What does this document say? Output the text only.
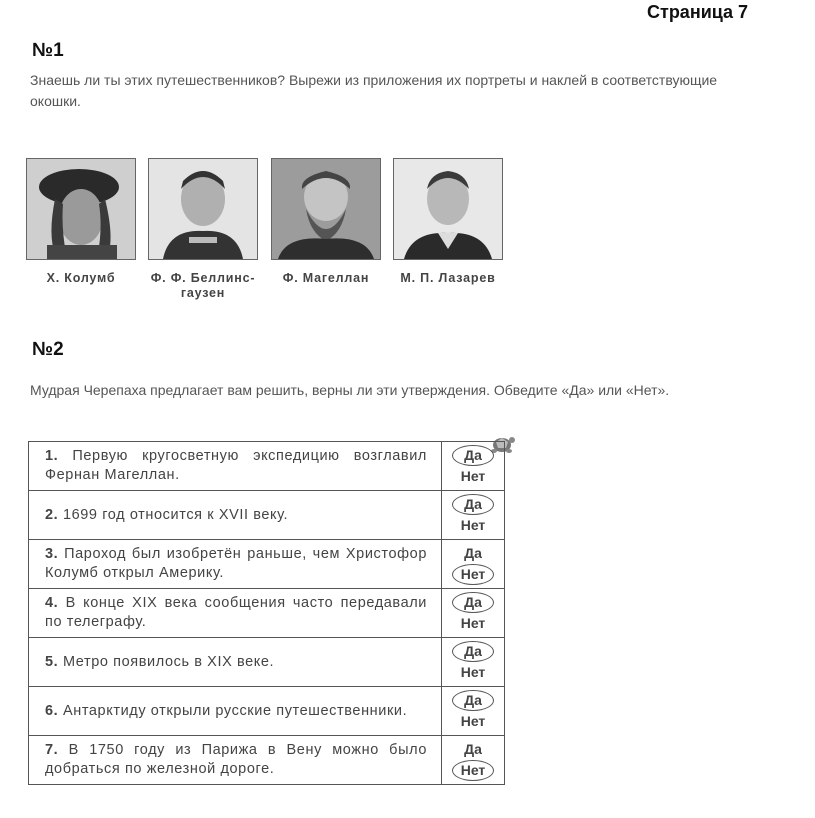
Страница 7
№1
Знаешь ли ты этих путешественников? Вырежи из приложения их портреты и наклей в соответствующие окошки.
Х. Колумб	Ф. Ф. Беллинс-
гаузен
Ф. Магеллан	М. П. Лазарев
№2
Мудрая Черепаха предлагает вам решить, верны ли эти утверждения. Обведите «Да» или «Нет».
1. Первую кругосветную экспедицию возглавил Фернан Магеллан.	Да
Нет

2. 1699 год относится к XVII веку.	Да
Нет

3. Пароход был изобретён раньше, чем Христофор Колумб открыл Америку.	Да
Нет

4. В конце XIX века сообщения часто передавали по телеграфу.	Да
Нет

5. Метро появилось в XIX веке.	Да
Нет

6. Антарктиду открыли русские путешественники.	Да
Нет

7. В 1750 году из Парижа в Вену можно было добраться по железной дороге.	Да
Нет
